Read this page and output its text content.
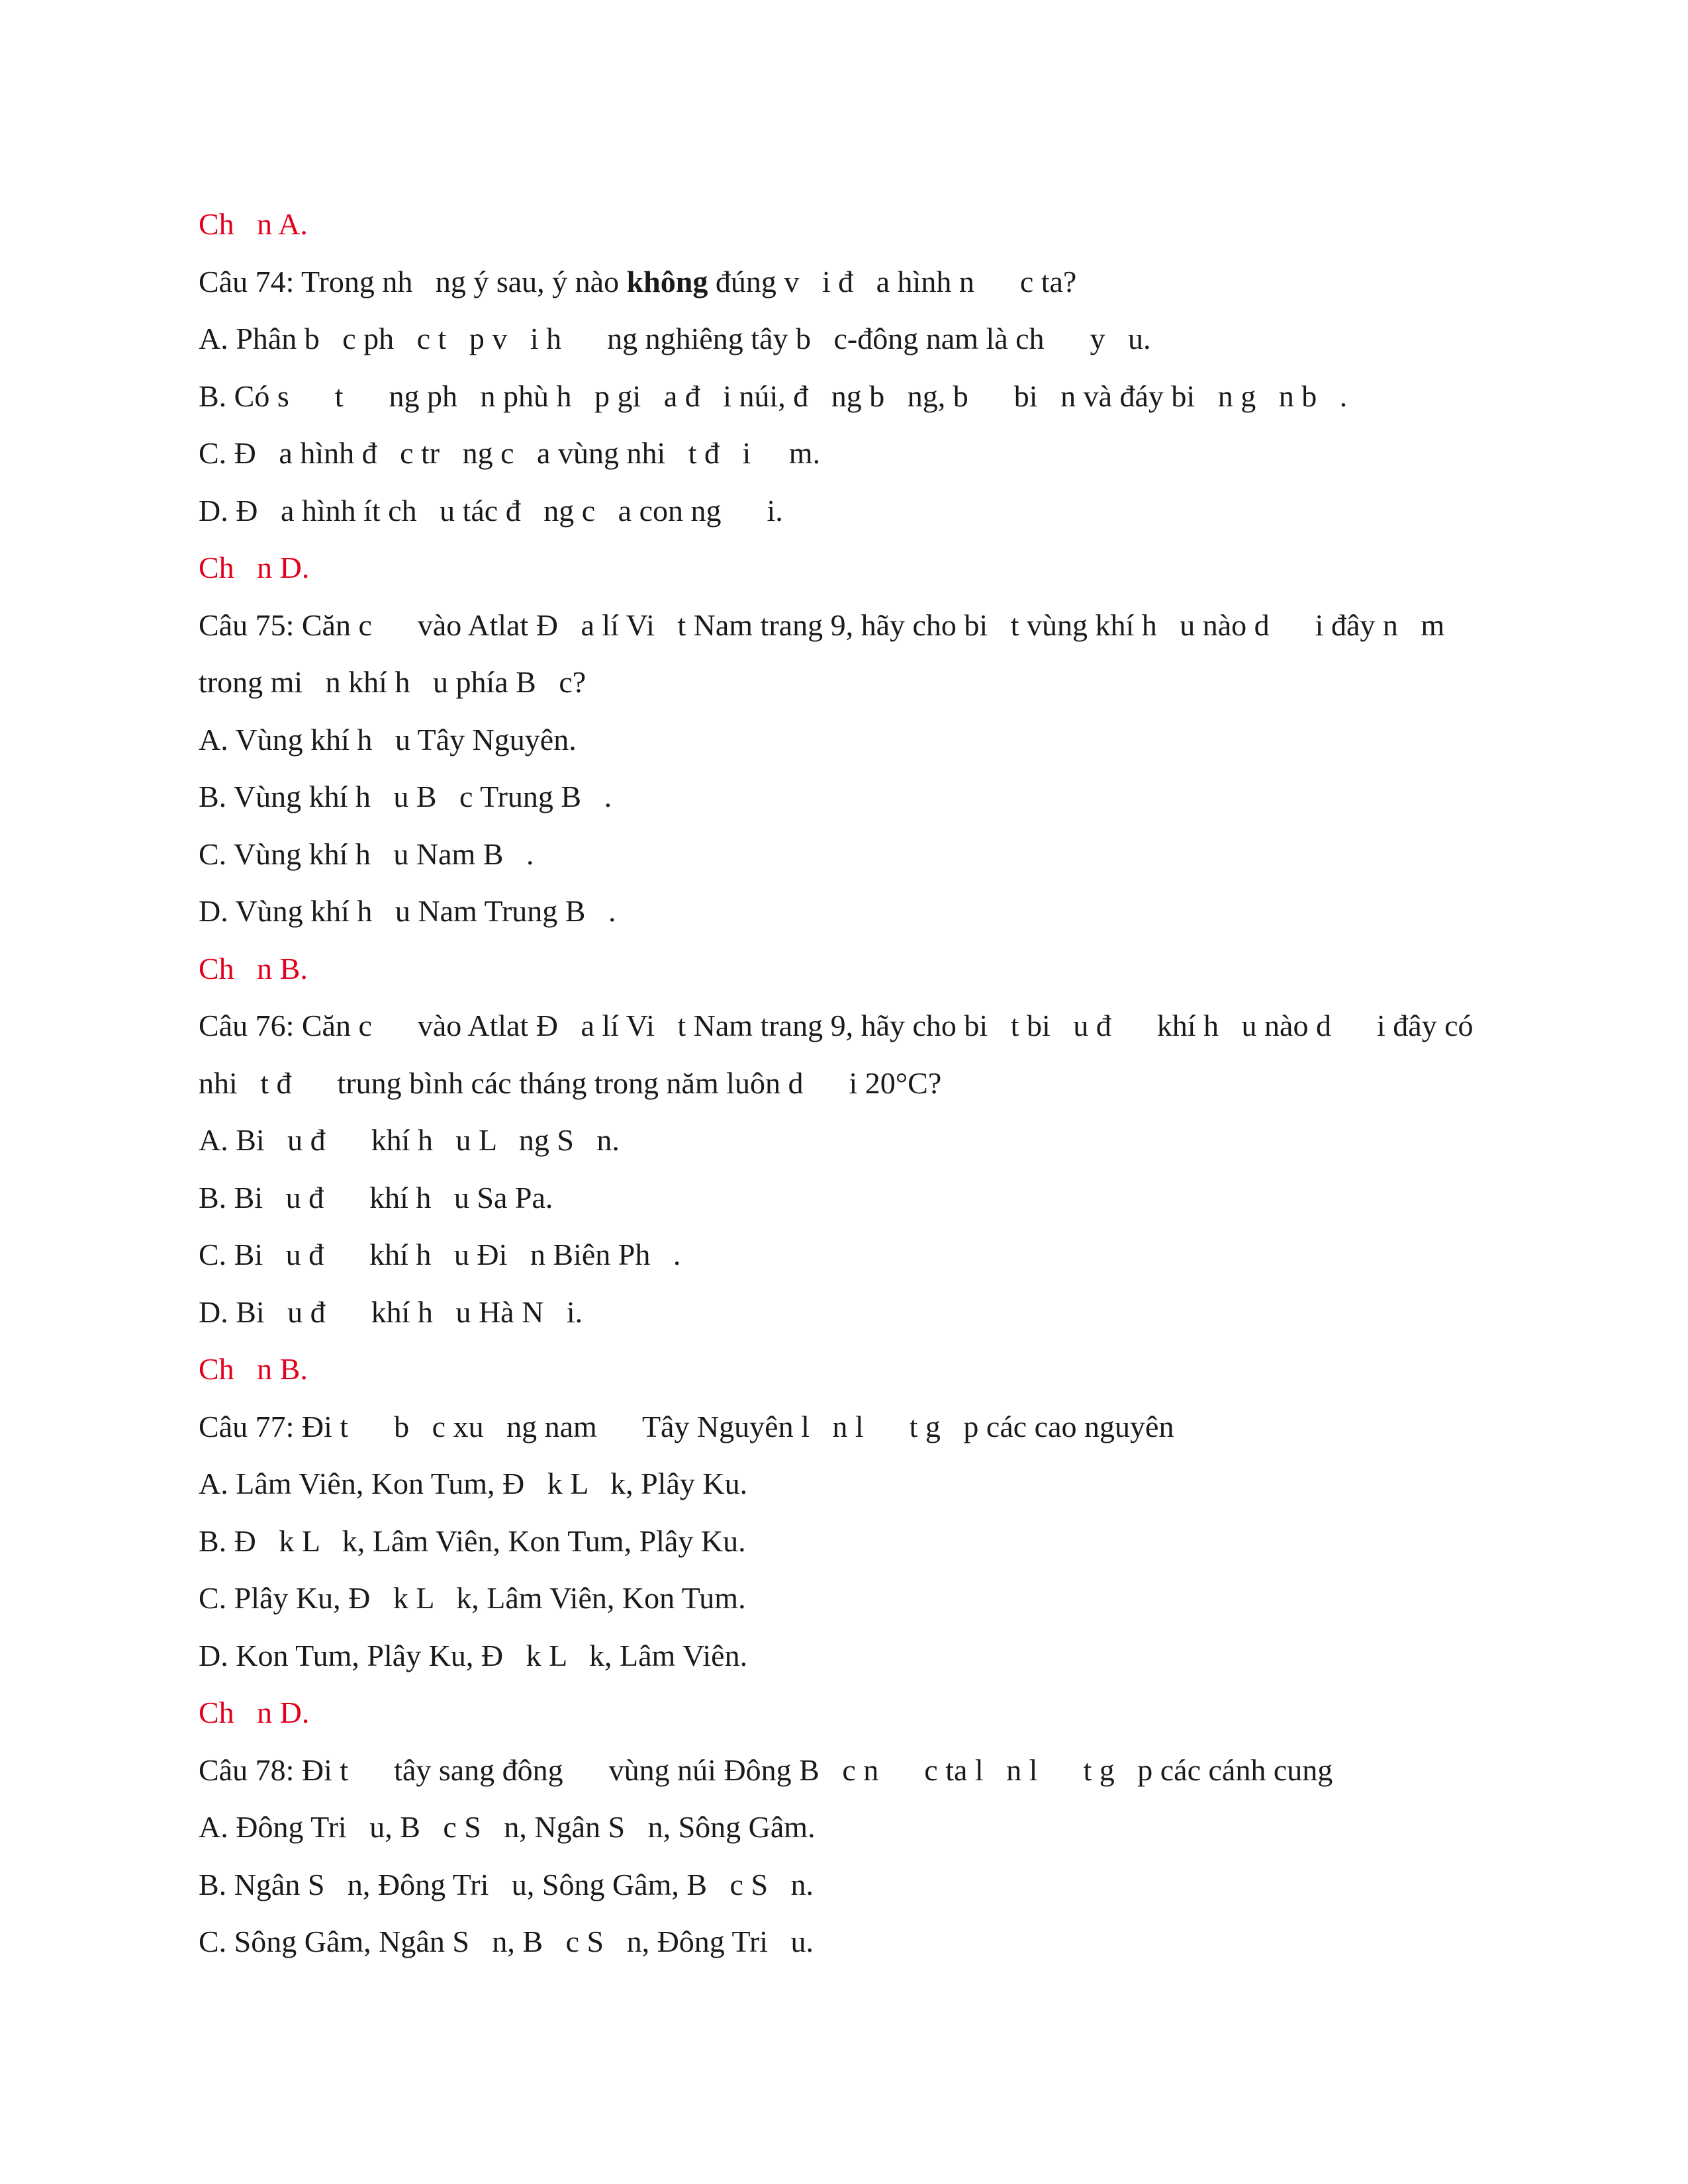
Ch   n A.
Câu 74: Trong nh   ng ý sau, ý nào không đúng v   i đ   a hình n      c ta?
A. Phân b   c ph   c t   p v   i h      ng nghiêng tây b   c-đông nam là ch      y   u.
B. Có s      t      ng ph   n phù h   p gi   a đ   i núi, đ   ng b   ng, b      bi   n và đáy bi   n g   n b   .
C. Đ   a hình đ   c tr   ng c   a vùng nhi   t đ   i     m.
D. Đ   a hình ít ch   u tác đ   ng c   a con ng      i.
Ch   n D.
Câu 75: Căn c      vào Atlat Đ   a lí Vi   t Nam trang 9, hãy cho bi   t vùng khí h   u nào d      i đây n   m
trong mi   n khí h   u phía B   c?
A. Vùng khí h   u Tây Nguyên.
B. Vùng khí h   u B   c Trung B   .
C. Vùng khí h   u Nam B   .
D. Vùng khí h   u Nam Trung B   .
Ch   n B.
Câu 76: Căn c      vào Atlat Đ   a lí Vi   t Nam trang 9, hãy cho bi   t bi   u đ      khí h   u nào d      i đây có
nhi   t đ      trung bình các tháng trong năm luôn d      i 20°C?
A. Bi   u đ      khí h   u L   ng S   n.
B. Bi   u đ      khí h   u Sa Pa.
C. Bi   u đ      khí h   u Đi   n Biên Ph   .
D. Bi   u đ      khí h   u Hà N   i.
Ch   n B.
Câu 77: Đi t      b   c xu   ng nam      Tây Nguyên l   n l      t g   p các cao nguyên
A. Lâm Viên, Kon Tum, Đ   k L   k, Plây Ku.
B. Đ   k L   k, Lâm Viên, Kon Tum, Plây Ku.
C. Plây Ku, Đ   k L   k, Lâm Viên, Kon Tum.
D. Kon Tum, Plây Ku, Đ   k L   k, Lâm Viên.
Ch   n D.
Câu 78: Đi t      tây sang đông      vùng núi Đông B   c n      c ta l   n l      t g   p các cánh cung
A. Đông Tri   u, B   c S   n, Ngân S   n, Sông Gâm.
B. Ngân S   n, Đông Tri   u, Sông Gâm, B   c S   n.
C. Sông Gâm, Ngân S   n, B   c S   n, Đông Tri   u.
